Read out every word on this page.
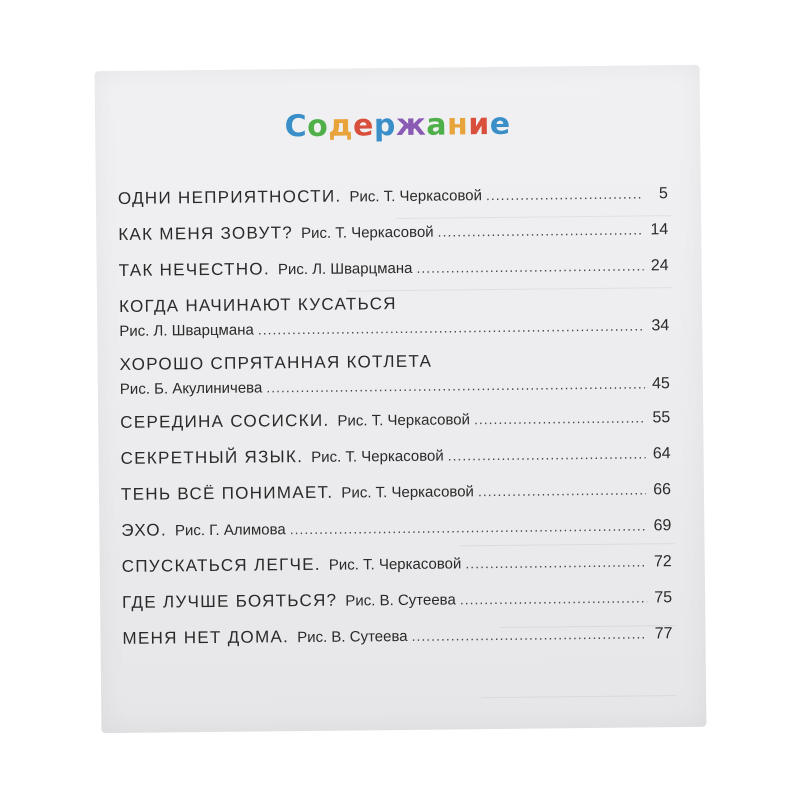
Содержание
ОДНИ НЕПРИЯТНОСТИ. Рис. Т. Черкасовой .....	5
КАК МЕНЯ ЗОВУТ? Рис. Т. Черкасовой .....	14
ТАК НЕЧЕСТНО. Рис. Л. Шварцмана .....	24
КОГДА НАЧИНАЮТ КУСАТЬСЯ
Рис. Л. Шварцмана .....	34
ХОРОШО СПРЯТАННАЯ КОТЛЕТА
Рис. Б. Акулиничева .....	45
СЕРЕДИНА СОСИСКИ. Рис. Т. Черкасовой .....	55
СЕКРЕТНЫЙ ЯЗЫК. Рис. Т. Черкасовой .....	64
ТЕНЬ ВСЁ ПОНИМАЕТ. Рис. Т. Черкасовой .....	66
ЭХО. Рис. Г. Алимова .....	69
СПУСКАТЬСЯ ЛЕГЧЕ. Рис. Т. Черкасовой .....	72
ГДЕ ЛУЧШЕ БОЯТЬСЯ? Рис. В. Сутеева .....	75
МЕНЯ НЕТ ДОМА. Рис. В. Сутеева .....	77
